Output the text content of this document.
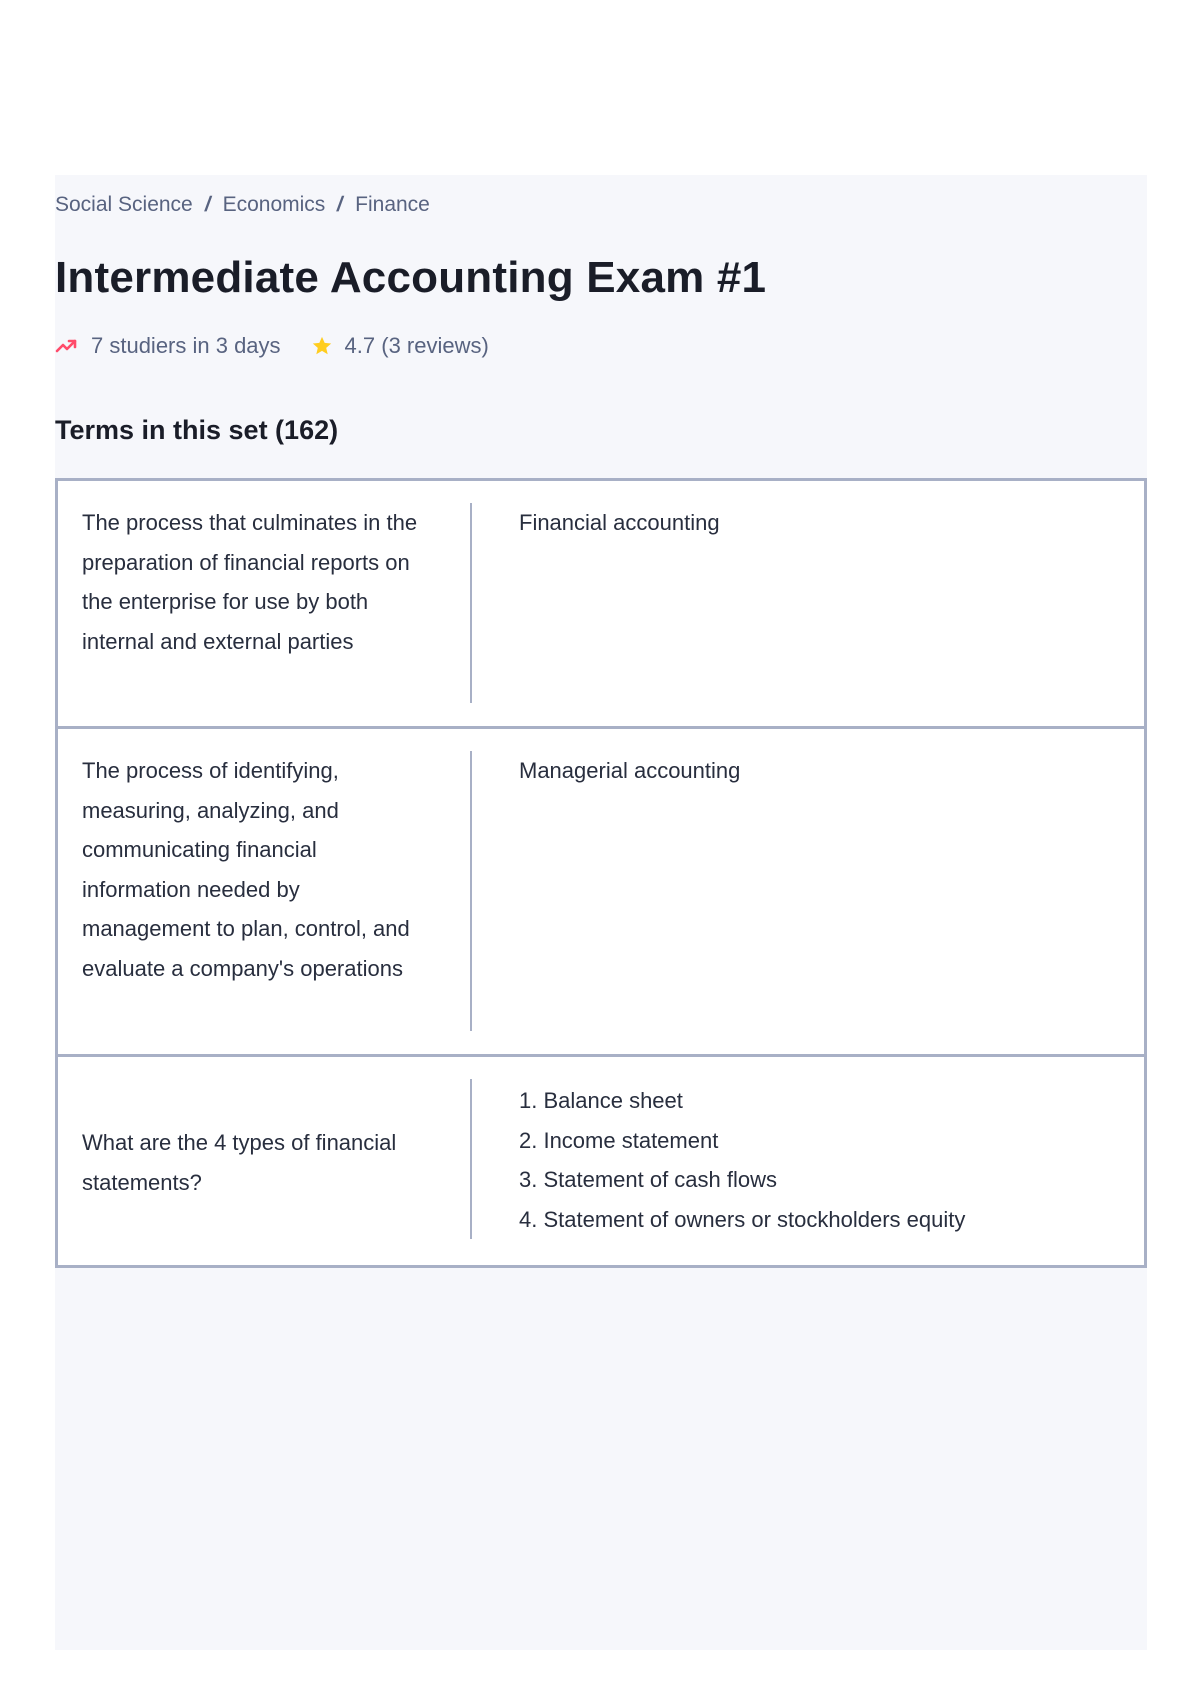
Social Science / Economics / Finance
Intermediate Accounting Exam #1
7 studiers in 3 days	4.7 (3 reviews)
Terms in this set (162)
The process that culminates in the preparation of financial reports on the enterprise for use by both internal and external parties
Financial accounting
The process of identifying, measuring, analyzing, and communicating financial information needed by management to plan, control, and evaluate a company's operations
Managerial accounting
What are the 4 types of financial statements?
1. Balance sheet
2. Income statement
3. Statement of cash flows
4. Statement of owners or stockholders equity
